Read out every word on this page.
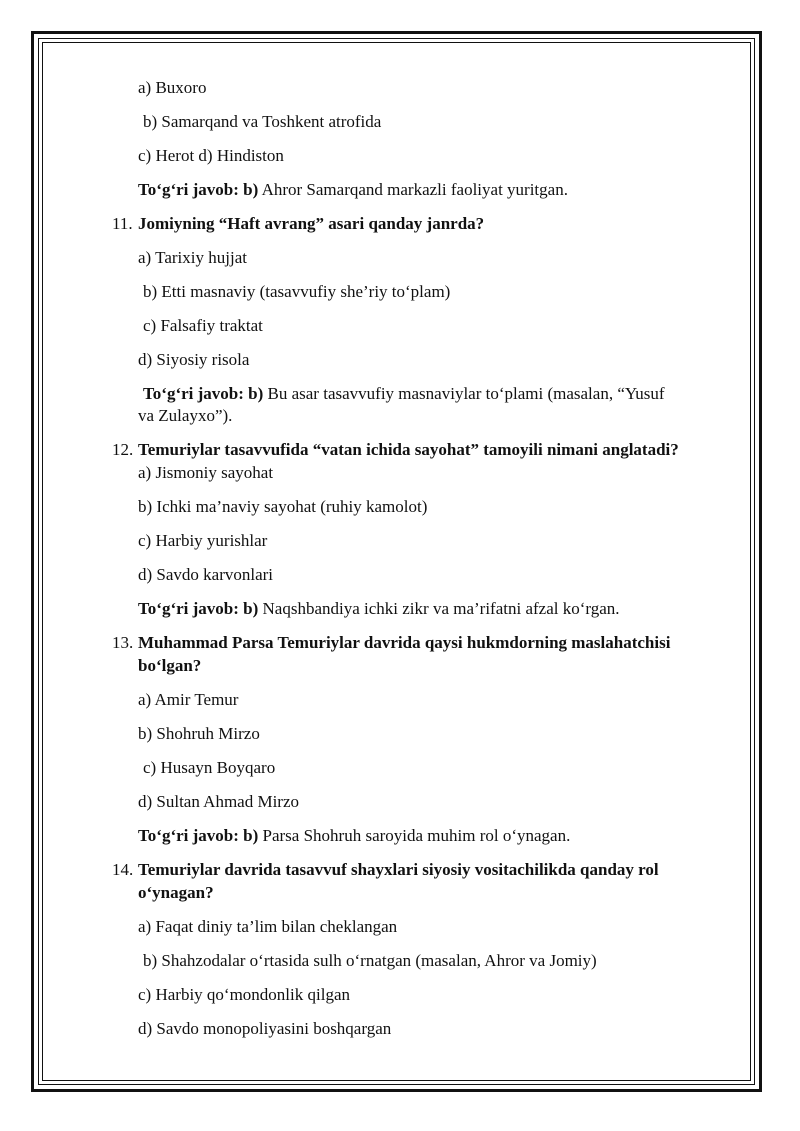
a) Buxoro
b) Samarqand va Toshkent atrofida
c) Herot d) Hindiston
To‘g‘ri javob: b) Ahror Samarqand markazli faoliyat yuritgan.
11. Jomiyning “Haft avrang” asari qanday janrda?
a) Tarixiy hujjat
b) Etti masnaviy (tasavvufiy she’riy to‘plam)
c) Falsafiy traktat
d) Siyosiy risola
To‘g‘ri javob: b) Bu asar tasavvufiy masnaviylar to‘plami (masalan, “Yusuf
va Zulayxo”).
12. Temuriylar tasavvufida “vatan ichida sayohat” tamoyili nimani anglatadi?
a) Jismoniy sayohat
b) Ichki ma’naviy sayohat (ruhiy kamolot)
c) Harbiy yurishlar
d) Savdo karvonlari
To‘g‘ri javob: b) Naqshbandiya ichki zikr va ma’rifatni afzal ko‘rgan.
13. Muhammad Parsa Temuriylar davrida qaysi hukmdorning maslahatchisi
bo‘lgan?
a) Amir Temur
b) Shohruh Mirzo
c) Husayn Boyqaro
d) Sultan Ahmad Mirzo
To‘g‘ri javob: b) Parsa Shohruh saroyida muhim rol o‘ynagan.
14. Temuriylar davrida tasavvuf shayxlari siyosiy vositachilikda qanday rol
o‘ynagan?
a) Faqat diniy ta’lim bilan cheklangan
b) Shahzodalar o‘rtasida sulh o‘rnatgan (masalan, Ahror va Jomiy)
c) Harbiy qo‘mondonlik qilgan
d) Savdo monopoliyasini boshqargan
